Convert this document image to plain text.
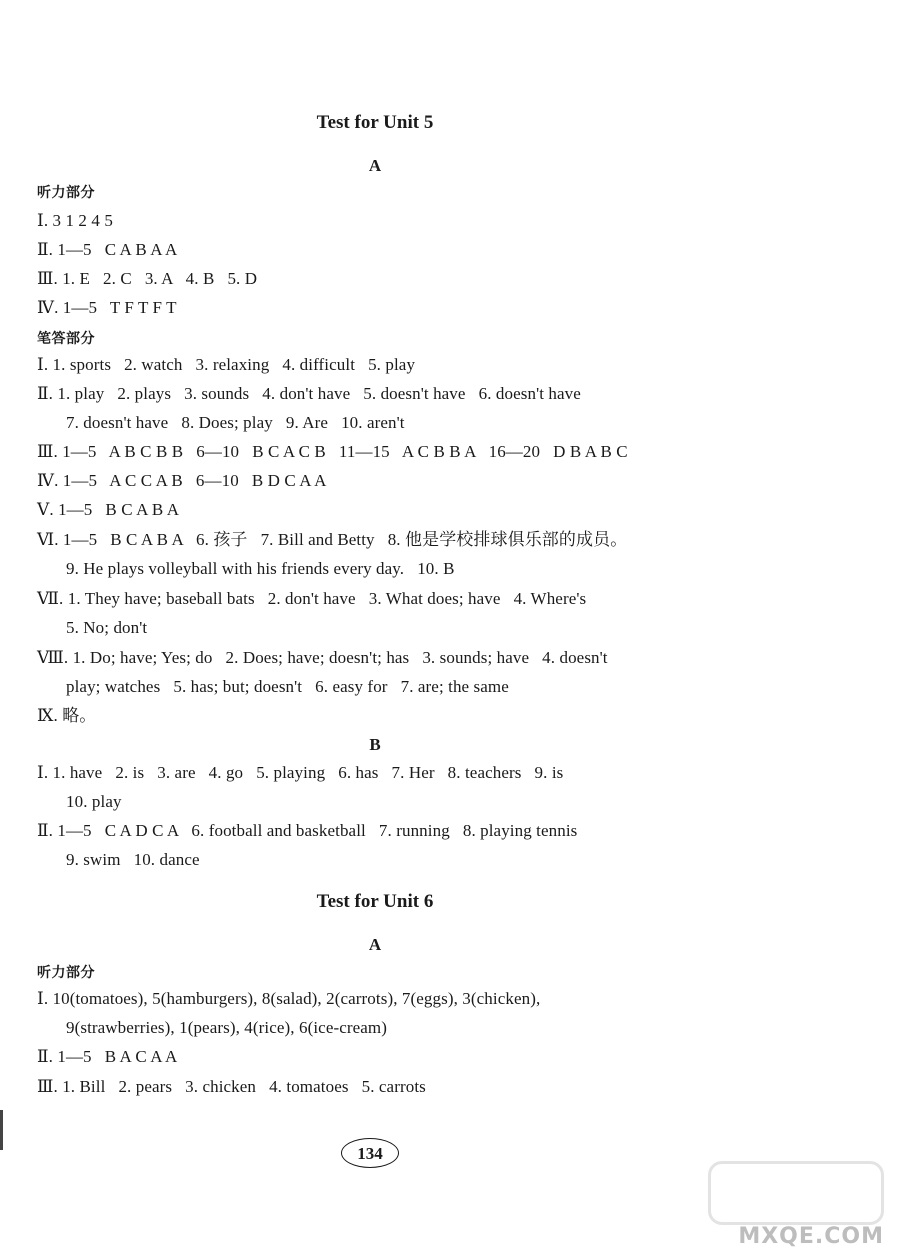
Test for Unit 5
A
听力部分
Ⅰ. 3 1 2 4 5
Ⅱ. 1—5   C A B A A
Ⅲ. 1. E   2. C   3. A   4. B   5. D
Ⅳ. 1—5   T F T F T
笔答部分
Ⅰ. 1. sports   2. watch   3. relaxing   4. difficult   5. play
Ⅱ. 1. play   2. plays   3. sounds   4. don't have   5. doesn't have   6. doesn't have
7. doesn't have   8. Does; play   9. Are   10. aren't
Ⅲ. 1—5   A B C B B   6—10   B C A C B   11—15   A C B B A   16—20   D B A B C
Ⅳ. 1—5   A C C A B   6—10   B D C A A
Ⅴ. 1—5   B C A B A
Ⅵ. 1—5   B C A B A   6. 孩子   7. Bill and Betty   8. 他是学校排球俱乐部的成员。
9. He plays volleyball with his friends every day.   10. B
Ⅶ. 1. They have; baseball bats   2. don't have   3. What does; have   4. Where's
5. No; don't
Ⅷ. 1. Do; have; Yes; do   2. Does; have; doesn't; has   3. sounds; have   4. doesn't
play; watches   5. has; but; doesn't   6. easy for   7. are; the same
Ⅸ. 略。
B
Ⅰ. 1. have   2. is   3. are   4. go   5. playing   6. has   7. Her   8. teachers   9. is
10. play
Ⅱ. 1—5   C A D C A   6. football and basketball   7. running   8. playing tennis
9. swim   10. dance
Test for Unit 6
A
听力部分
Ⅰ. 10(tomatoes), 5(hamburgers), 8(salad), 2(carrots), 7(eggs), 3(chicken),
9(strawberries), 1(pears), 4(rice), 6(ice-cream)
Ⅱ. 1—5   B A C A A
Ⅲ. 1. Bill   2. pears   3. chicken   4. tomatoes   5. carrots
134
MXQE.COM
